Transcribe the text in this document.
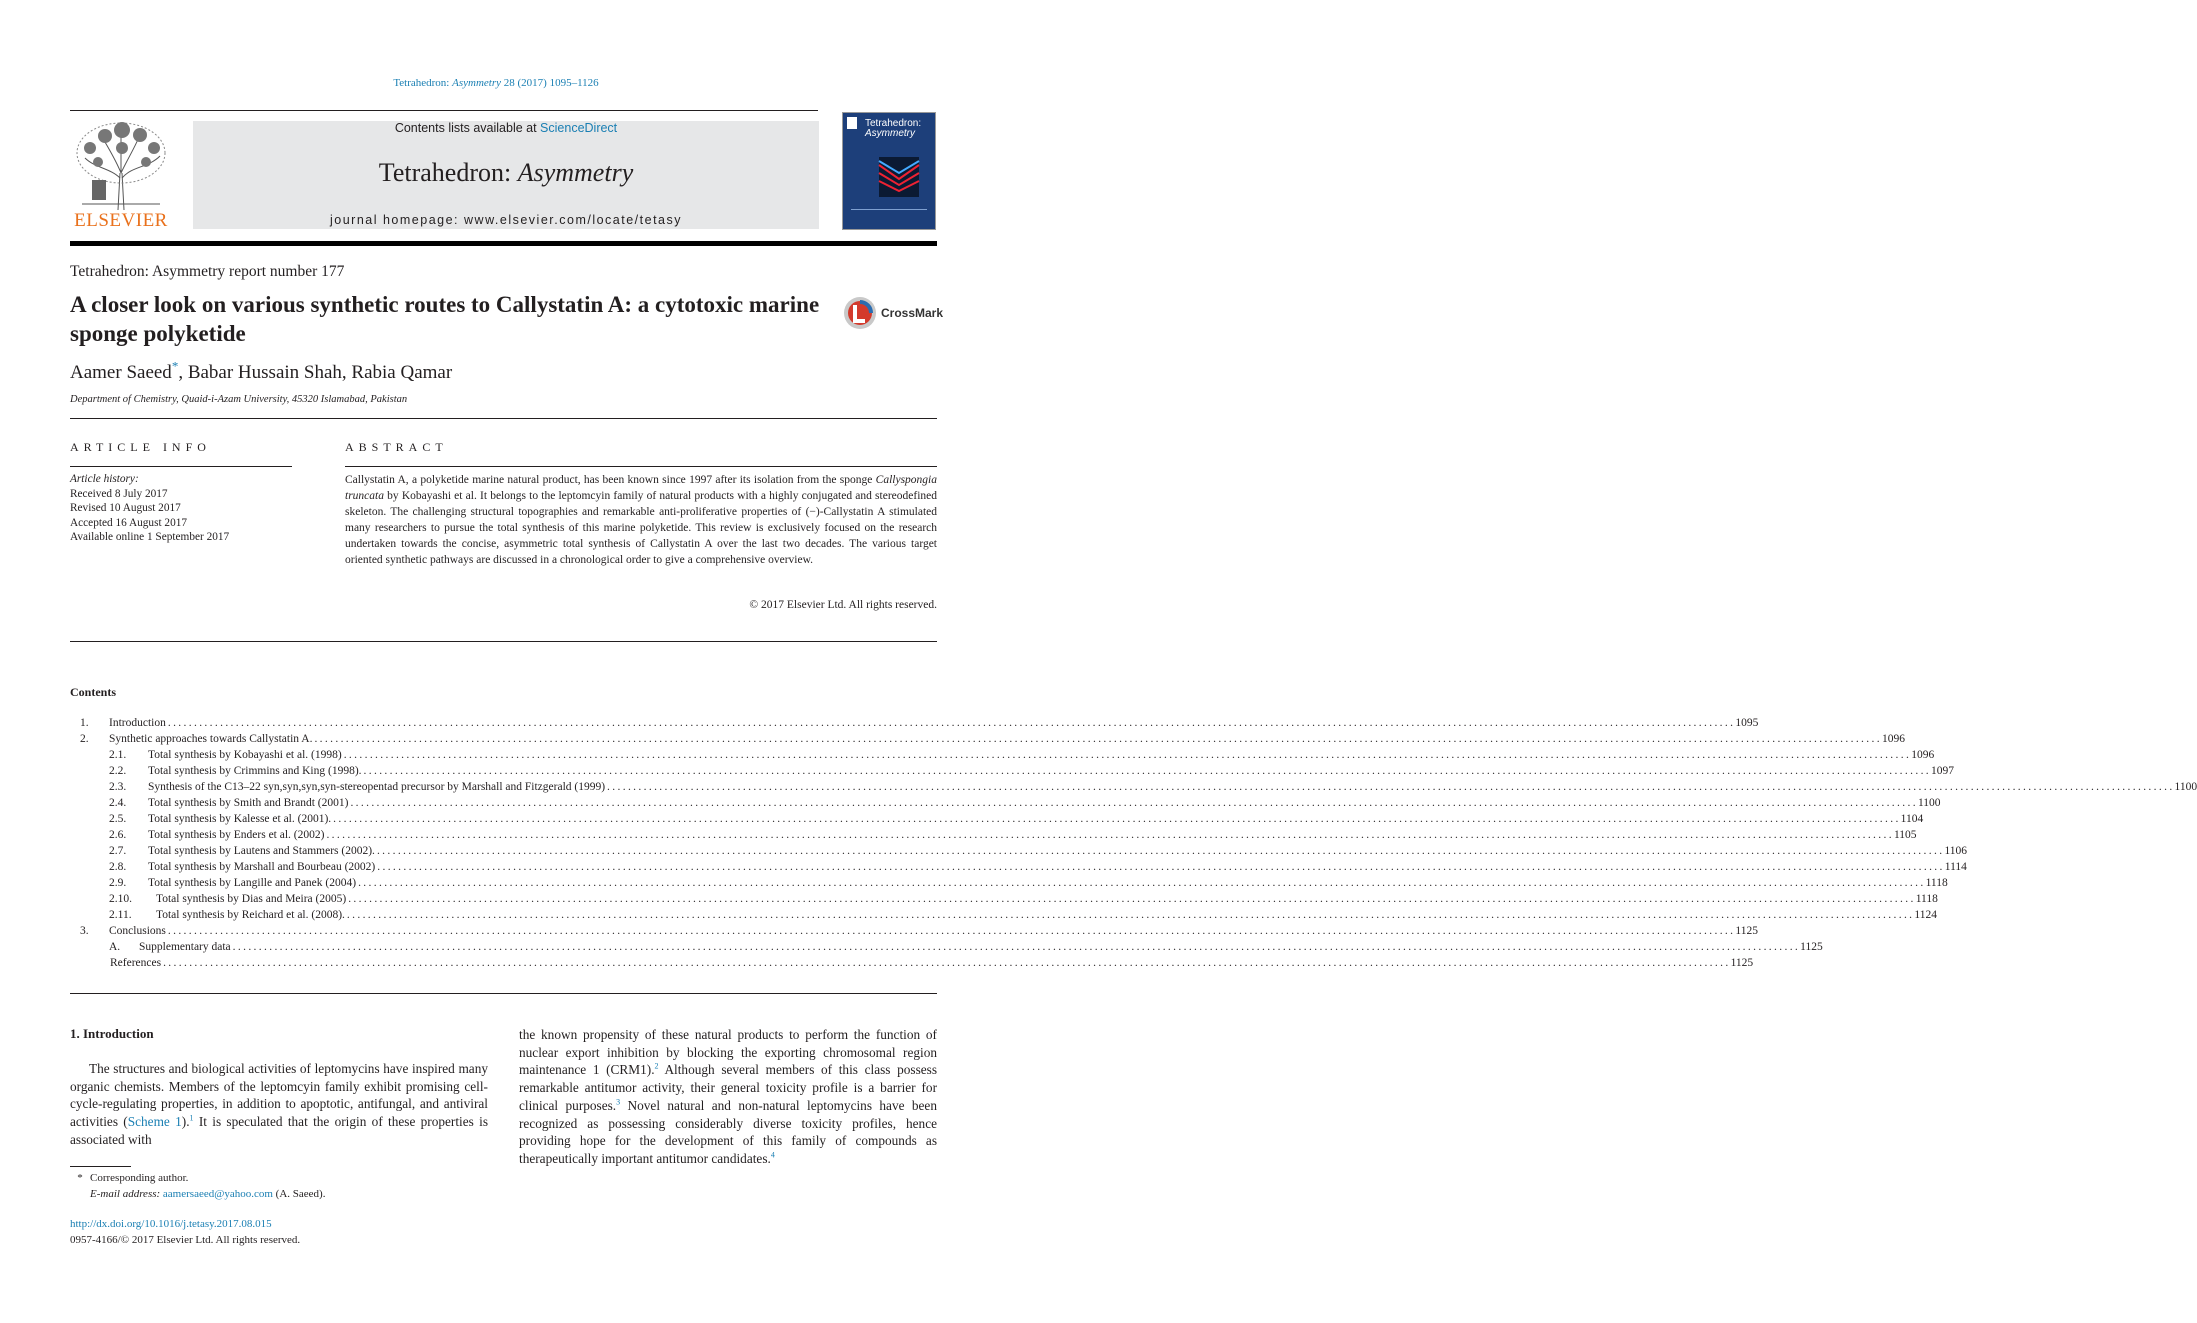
Tetrahedron: Asymmetry 28 (2017) 1095–1126
ELSEVIER
Contents lists available at ScienceDirect
Tetrahedron: Asymmetry
journal homepage: www.elsevier.com/locate/tetasy
Tetrahedron:
Asymmetry
Tetrahedron: Asymmetry report number 177
A closer look on various synthetic routes to Callystatin A: a cytotoxic marine sponge polyketide
CrossMark
Aamer Saeed*, Babar Hussain Shah, Rabia Qamar
Department of Chemistry, Quaid-i-Azam University, 45320 Islamabad, Pakistan
ARTICLE INFO
Article history:
Received 8 July 2017
Revised 10 August 2017
Accepted 16 August 2017
Available online 1 September 2017
ABSTRACT
Callystatin A, a polyketide marine natural product, has been known since 1997 after its isolation from the sponge Callyspongia truncata by Kobayashi et al. It belongs to the leptomcyin family of natural products with a highly conjugated and stereodefined skeleton. The challenging structural topographies and remarkable anti-proliferative properties of (−)-Callystatin A stimulated many researchers to pursue the total synthesis of this marine polyketide. This review is exclusively focused on the research undertaken towards the concise, asymmetric total synthesis of Callystatin A over the last two decades. The various target oriented synthetic pathways are discussed in a chronological order to give a comprehensive overview.
© 2017 Elsevier Ltd. All rights reserved.
Contents
1. Introduction ............................................................................................................................................................................................................................................................................................................ 1095
2. Synthetic approaches towards Callystatin A. ............................................................................................................................................................................................................................................................................................................ 1096
2.1. Total synthesis by Kobayashi et al. (1998) ............................................................................................................................................................................................................................................................................................................ 1096
2.2. Total synthesis by Crimmins and King (1998). ............................................................................................................................................................................................................................................................................................................ 1097
2.3. Synthesis of the C13–22 syn,syn,syn,syn-stereopentad precursor by Marshall and Fitzgerald (1999) ............................................................................................................................................................................................................................................................................................................ 1100
2.4. Total synthesis by Smith and Brandt (2001) ............................................................................................................................................................................................................................................................................................................ 1100
2.5. Total synthesis by Kalesse et al. (2001). ............................................................................................................................................................................................................................................................................................................ 1104
2.6. Total synthesis by Enders et al. (2002) ............................................................................................................................................................................................................................................................................................................ 1105
2.7. Total synthesis by Lautens and Stammers (2002). ............................................................................................................................................................................................................................................................................................................ 1106
2.8. Total synthesis by Marshall and Bourbeau (2002) ............................................................................................................................................................................................................................................................................................................ 1114
2.9. Total synthesis by Langille and Panek (2004) ............................................................................................................................................................................................................................................................................................................ 1118
2.10. Total synthesis by Dias and Meira (2005) ............................................................................................................................................................................................................................................................................................................ 1118
2.11. Total synthesis by Reichard et al. (2008). ............................................................................................................................................................................................................................................................................................................ 1124
3. Conclusions ............................................................................................................................................................................................................................................................................................................ 1125
A. Supplementary data ............................................................................................................................................................................................................................................................................................................ 1125
References ............................................................................................................................................................................................................................................................................................................ 1125
1. Introduction
The structures and biological activities of leptomycins have inspired many organic chemists. Members of the leptomcyin family exhibit promising cell-cycle-regulating properties, in addition to apoptotic, antifungal, and antiviral activities (Scheme 1).$^1$ It is speculated that the origin of these properties is associated with
the known propensity of these natural products to perform the function of nuclear export inhibition by blocking the exporting chromosomal region maintenance 1 (CRM1).$^2$ Although several members of this class possess remarkable antitumor activity, their general toxicity profile is a barrier for clinical purposes.$^3$ Novel natural and non-natural leptomycins have been recognized as possessing considerably diverse toxicity profiles, hence providing hope for the development of this family of compounds as therapeutically important antitumor candidates.$^4$
* Corresponding author.
E-mail address: aamersaeed@yahoo.com (A. Saeed).
http://dx.doi.org/10.1016/j.tetasy.2017.08.015
0957-4166/© 2017 Elsevier Ltd. All rights reserved.
